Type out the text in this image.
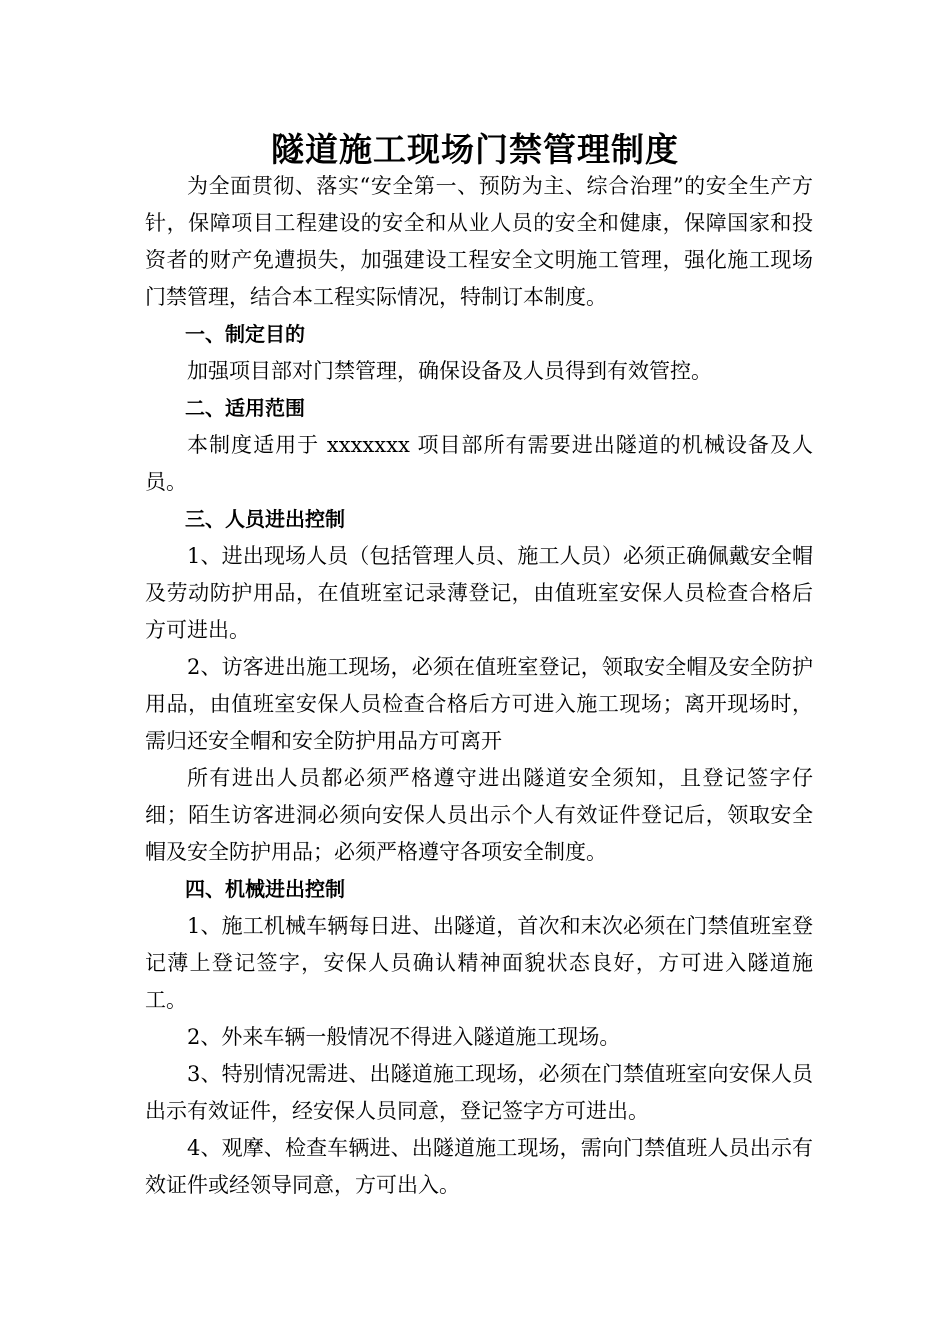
隧道施工现场门禁管理制度

为全面贯彻、落实“安全第一、预防为主、综合治理”的安全生产方针，保障项目工程建设的安全和从业人员的安全和健康，保障国家和投资者的财产免遭损失，加强建设工程安全文明施工管理，强化施工现场门禁管理，结合本工程实际情况，特制订本制度。

一、制定目的

加强项目部对门禁管理，确保设备及人员得到有效管控。

二、适用范围

本制度适用于 xxxxxxx 项目部所有需要进出隧道的机械设备及人员。

三、人员进出控制

1、进出现场人员（包括管理人员、施工人员）必须正确佩戴安全帽及劳动防护用品，在值班室记录薄登记，由值班室安保人员检查合格后方可进出。

2、访客进出施工现场，必须在值班室登记，领取安全帽及安全防护用品，由值班室安保人员检查合格后方可进入施工现场；离开现场时，需归还安全帽和安全防护用品方可离开

所有进出人员都必须严格遵守进出隧道安全须知，且登记签字仔细；陌生访客进洞必须向安保人员出示个人有效证件登记后，领取安全帽及安全防护用品；必须严格遵守各项安全制度。

四、机械进出控制

1、施工机械车辆每日进、出隧道，首次和末次必须在门禁值班室登记薄上登记签字，安保人员确认精神面貌状态良好，方可进入隧道施工。

2、外来车辆一般情况不得进入隧道施工现场。

3、特别情况需进、出隧道施工现场，必须在门禁值班室向安保人员出示有效证件，经安保人员同意，登记签字方可进出。

4、观摩、检查车辆进、出隧道施工现场，需向门禁值班人员出示有效证件或经领导同意，方可出入。
